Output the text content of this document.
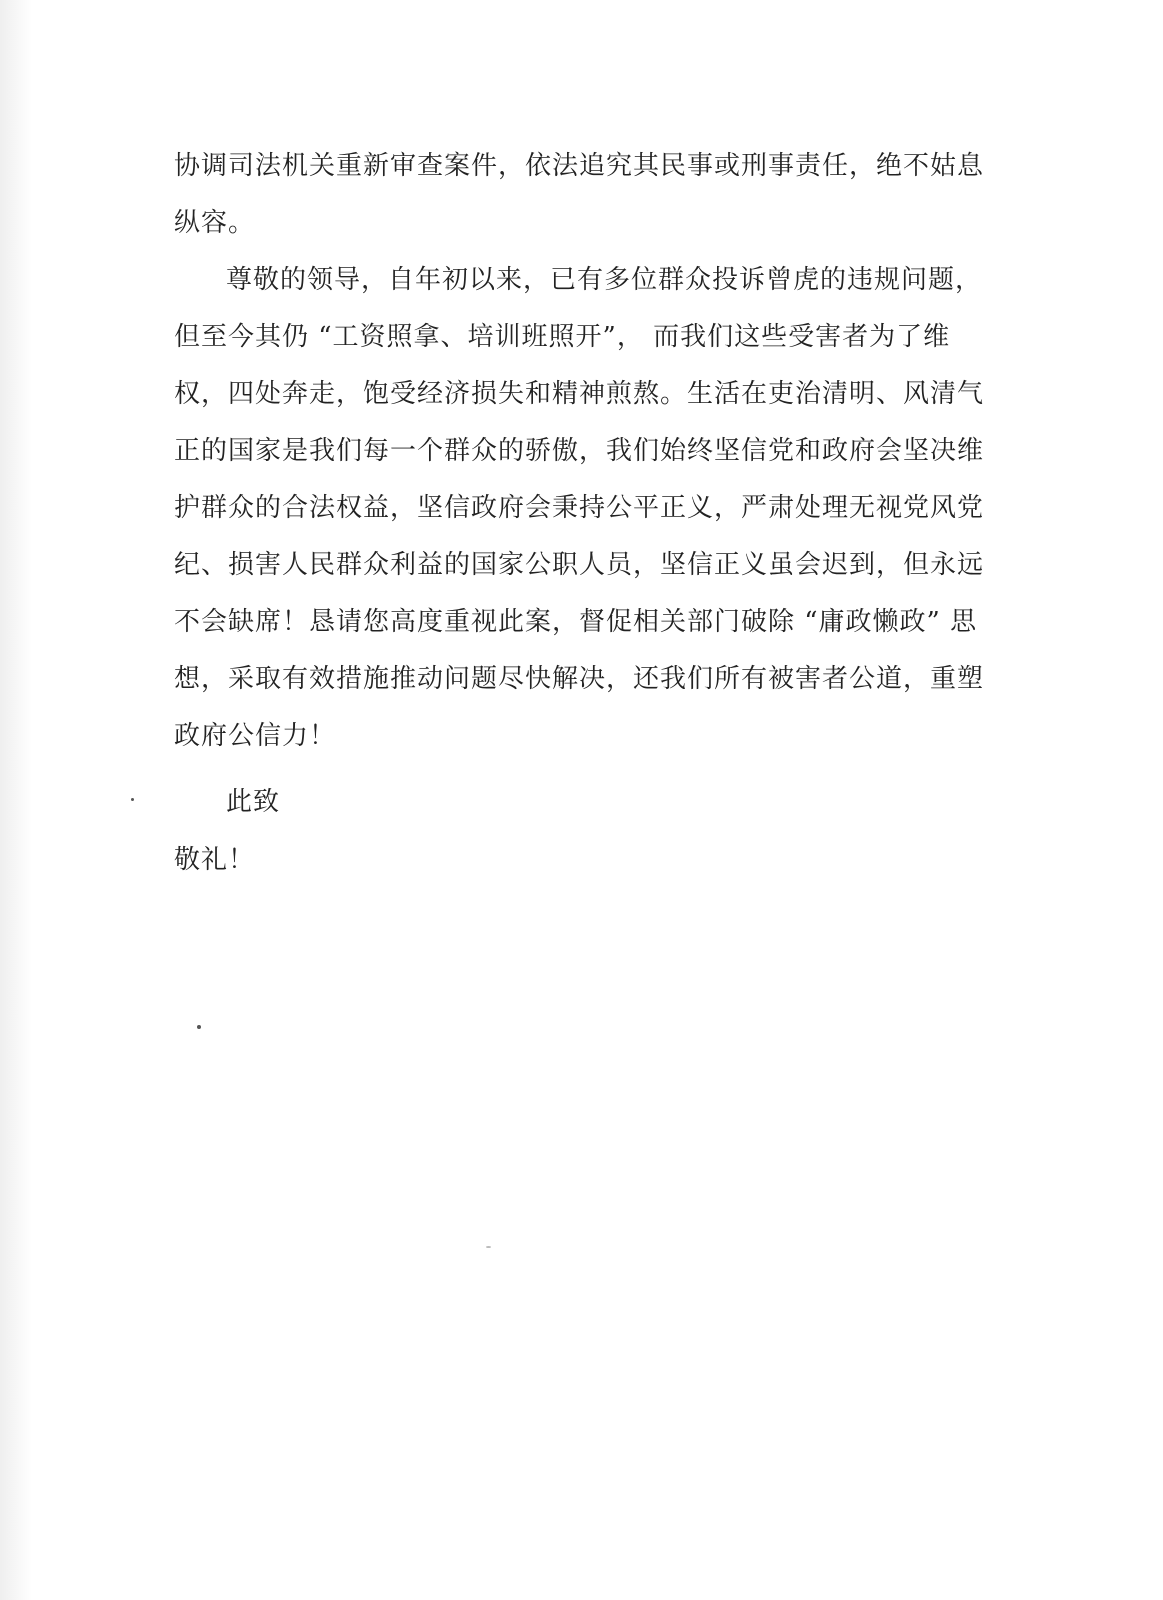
协调司法机关重新审查案件，依法追究其民事或刑事责任，绝不姑息
纵容。
尊敬的领导，自年初以来，已有多位群众投诉曾虎的违规问题，
但至今其仍 “工资照拿、培训班照开”， 而我们这些受害者为了维
权，四处奔走，饱受经济损失和精神煎熬。生活在吏治清明、风清气
正的国家是我们每一个群众的骄傲，我们始终坚信党和政府会坚决维
护群众的合法权益，坚信政府会秉持公平正义，严肃处理无视党风党
纪、损害人民群众利益的国家公职人员，坚信正义虽会迟到，但永远
不会缺席！恳请您高度重视此案，督促相关部门破除 “庸政懒政” 思
想，采取有效措施推动问题尽快解决，还我们所有被害者公道，重塑
政府公信力！
此致
敬礼！
